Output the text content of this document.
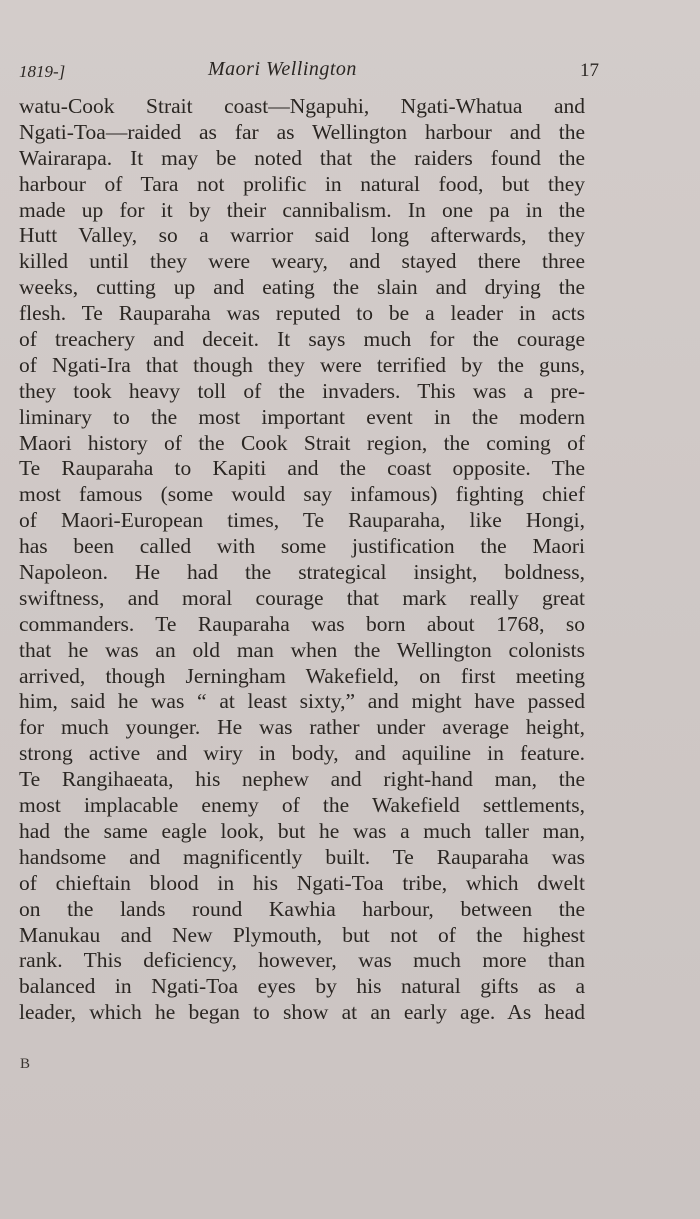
1819-]	Maori Wellington	17
watu-Cook Strait coast—Ngapuhi, Ngati-Whatua and
Ngati-Toa—raided as far as Wellington harbour and the
Wairarapa. It may be noted that the raiders found the
harbour of Tara not prolific in natural food, but they
made up for it by their cannibalism. In one pa in the
Hutt Valley, so a warrior said long afterwards, they
killed until they were weary, and stayed there three
weeks, cutting up and eating the slain and drying the
flesh. Te Rauparaha was reputed to be a leader in acts
of treachery and deceit. It says much for the courage
of Ngati-Ira that though they were terrified by the guns,
they took heavy toll of the invaders. This was a pre-
liminary to the most important event in the modern
Maori history of the Cook Strait region, the coming of
Te Rauparaha to Kapiti and the coast opposite. The
most famous (some would say infamous) fighting chief
of Maori-European times, Te Rauparaha, like Hongi,
has been called with some justification the Maori
Napoleon. He had the strategical insight, boldness,
swiftness, and moral courage that mark really great
commanders. Te Rauparaha was born about 1768, so
that he was an old man when the Wellington colonists
arrived, though Jerningham Wakefield, on first meeting
him, said he was “ at least sixty,” and might have passed
for much younger. He was rather under average height,
strong active and wiry in body, and aquiline in feature.
Te Rangihaeata, his nephew and right-hand man, the
most implacable enemy of the Wakefield settlements,
had the same eagle look, but he was a much taller man,
handsome and magnificently built. Te Rauparaha was
of chieftain blood in his Ngati-Toa tribe, which dwelt
on the lands round Kawhia harbour, between the
Manukau and New Plymouth, but not of the highest
rank. This deficiency, however, was much more than
balanced in Ngati-Toa eyes by his natural gifts as a
leader, which he began to show at an early age. As head
B
